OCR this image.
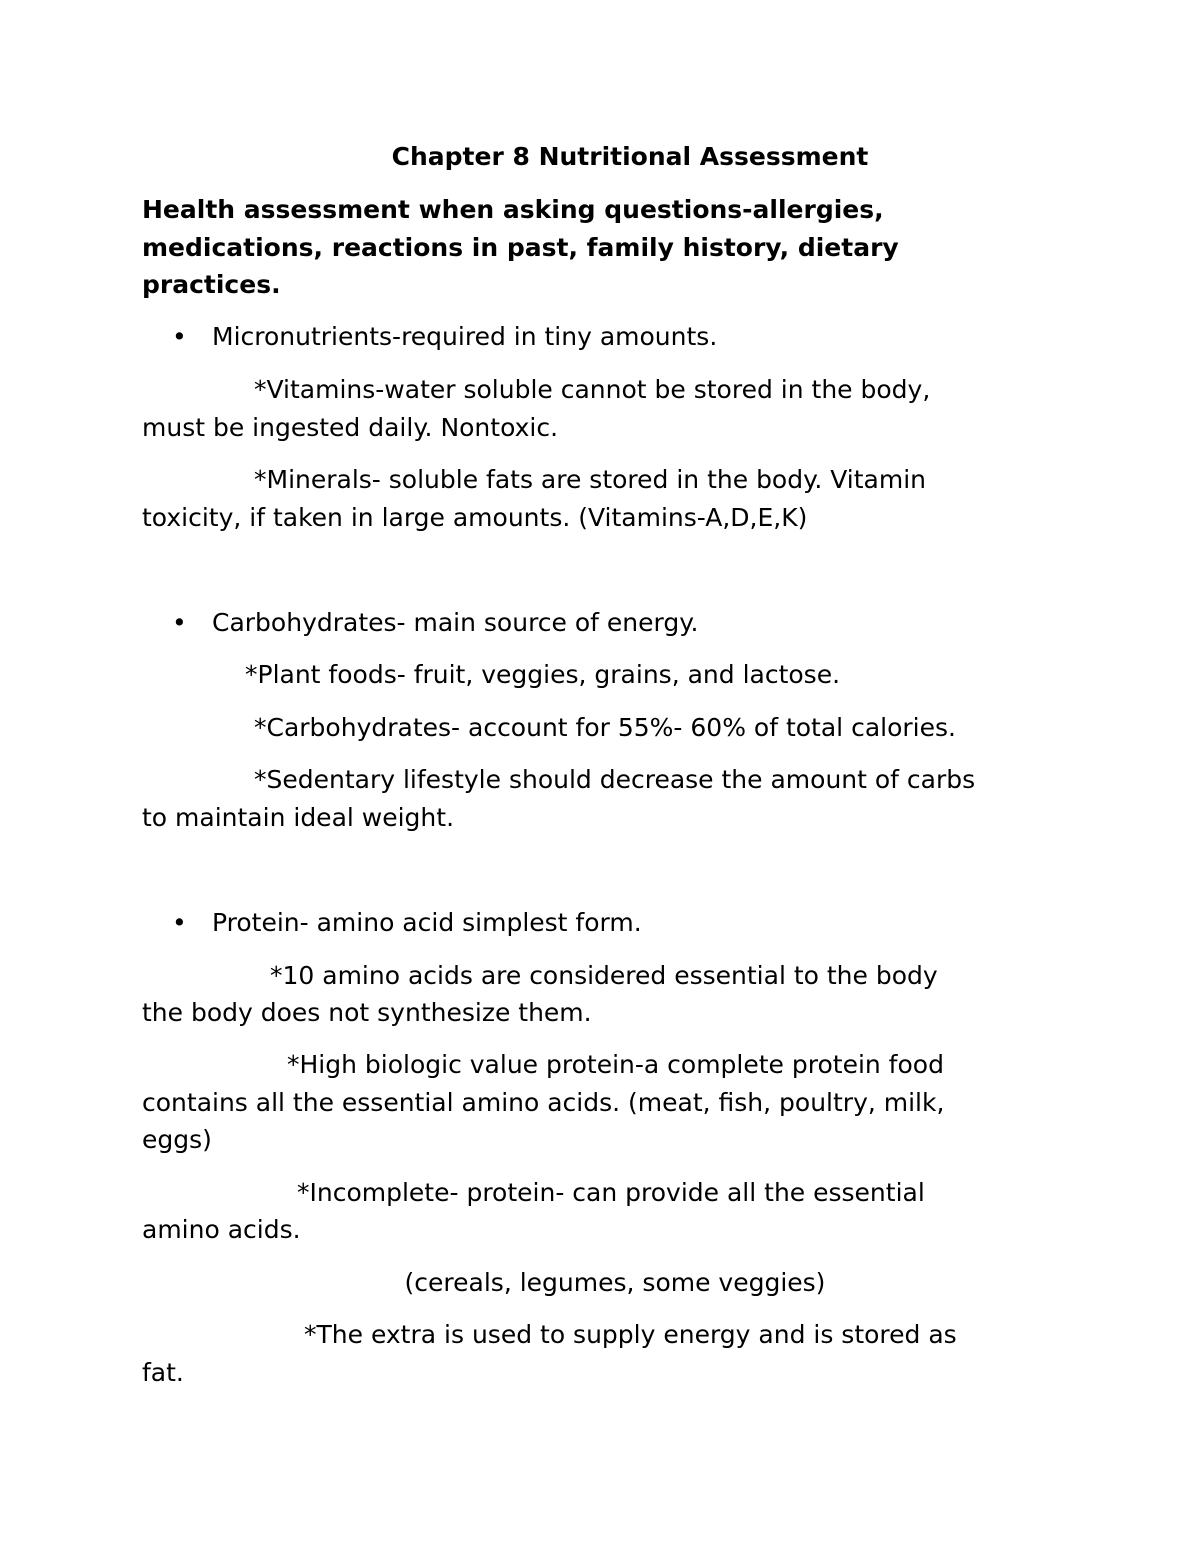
Chapter 8 Nutritional Assessment

Health assessment when asking questions-allergies,

medications, reactions in past, family history, dietary

practices.

• Micronutrients-required in tiny amounts.

*Vitamins-water soluble cannot be stored in the body,

must be ingested daily. Nontoxic.

*Minerals- soluble fats are stored in the body. Vitamin

toxicity, if taken in large amounts. (Vitamins-A,D,E,K)

• Carbohydrates- main source of energy.

*Plant foods- fruit, veggies, grains, and lactose.

*Carbohydrates- account for 55%- 60% of total calories.

*Sedentary lifestyle should decrease the amount of carbs

to maintain ideal weight.

• Protein- amino acid simplest form.

*10 amino acids are considered essential to the body

the body does not synthesize them.

*High biologic value protein-a complete protein food

contains all the essential amino acids. (meat, fish, poultry, milk,

eggs)

*Incomplete- protein- can provide all the essential

amino acids.

(cereals, legumes, some veggies)

*The extra is used to supply energy and is stored as

fat.
